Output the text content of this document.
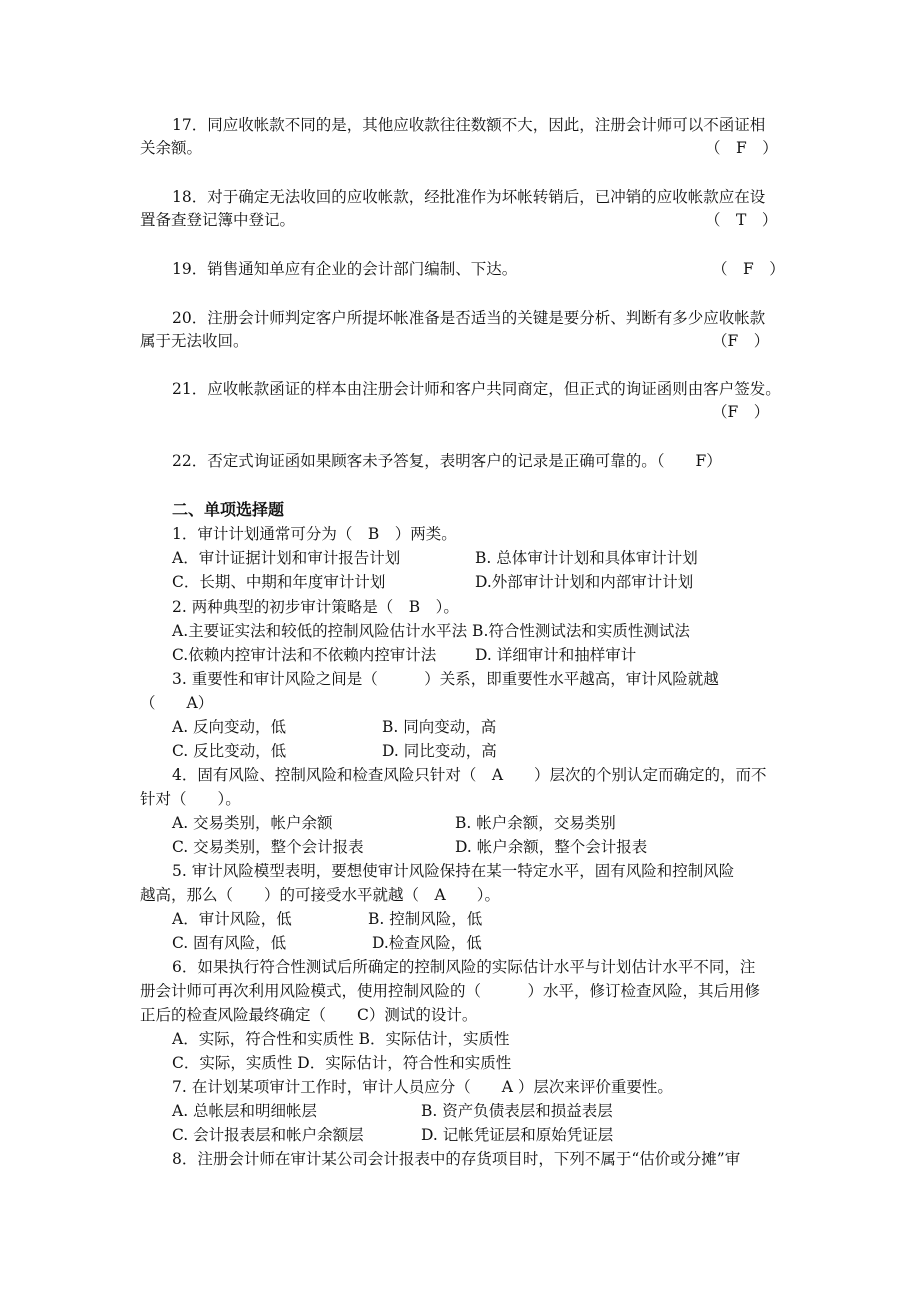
17．同应收帐款不同的是，其他应收款往往数额不大，因此，注册会计师可以不函证相
关余额。	（　F　）
18．对于确定无法收回的应收帐款，经批准作为坏帐转销后，已冲销的应收帐款应在设
置备查登记簿中登记。	（　T　）
19．销售通知单应有企业的会计部门编制、下达。	（　F　）
20．注册会计师判定客户所提坏帐准备是否适当的关键是要分析、判断有多少应收帐款
属于无法收回。	（F　）
21．应收帐款函证的样本由注册会计师和客户共同商定，但正式的询证函则由客户签发。
（F　）
22．否定式询证函如果顾客未予答复，表明客户的记录是正确可靠的。（　　F）
二、单项选择题
1．审计计划通常可分为（　B　）两类。
A．审计证据计划和审计报告计划	B. 总体审计计划和具体审计计划
C．长期、中期和年度审计计划	D.外部审计计划和内部审计计划
2. 两种典型的初步审计策略是（　B　）。
A.主要证实法和较低的控制风险估计水平法 B.符合性测试法和实质性测试法
C.依赖内控审计法和不依赖内控审计法	D. 详细审计和抽样审计
3. 重要性和审计风险之间是（　　　）关系，即重要性水平越高，审计风险就越
（　　A）
A. 反向变动，低	B. 同向变动，高
C. 反比变动，低	D. 同比变动，高
4．固有风险、控制风险和检查风险只针对（　A　　）层次的个别认定而确定的，而不
针对（　　）。
A. 交易类别，帐户余额	B. 帐户余额，交易类别
C. 交易类别，整个会计报表	D. 帐户余额，整个会计报表
5. 审计风险模型表明，要想使审计风险保持在某一特定水平，固有风险和控制风险
越高，那么（　　）的可接受水平就越（　A　　）。
A．审计风险，低	B. 控制风险，低
C. 固有风险，低	D.检查风险，低
6．如果执行符合性测试后所确定的控制风险的实际估计水平与计划估计水平不同，注
册会计师可再次利用风险模式，使用控制风险的（　　　）水平，修订检查风险，其后用修
正后的检查风险最终确定（　　C）测试的设计。
A．实际，符合性和实质性 B．实际估计，实质性
C．实际，实质性 D．实际估计，符合性和实质性
7. 在计划某项审计工作时，审计人员应分（　　A ）层次来评价重要性。
A. 总帐层和明细帐层	B. 资产负债表层和损益表层
C. 会计报表层和帐户余额层	D. 记帐凭证层和原始凭证层
8．注册会计师在审计某公司会计报表中的存货项目时，下列不属于“估价或分摊”审
